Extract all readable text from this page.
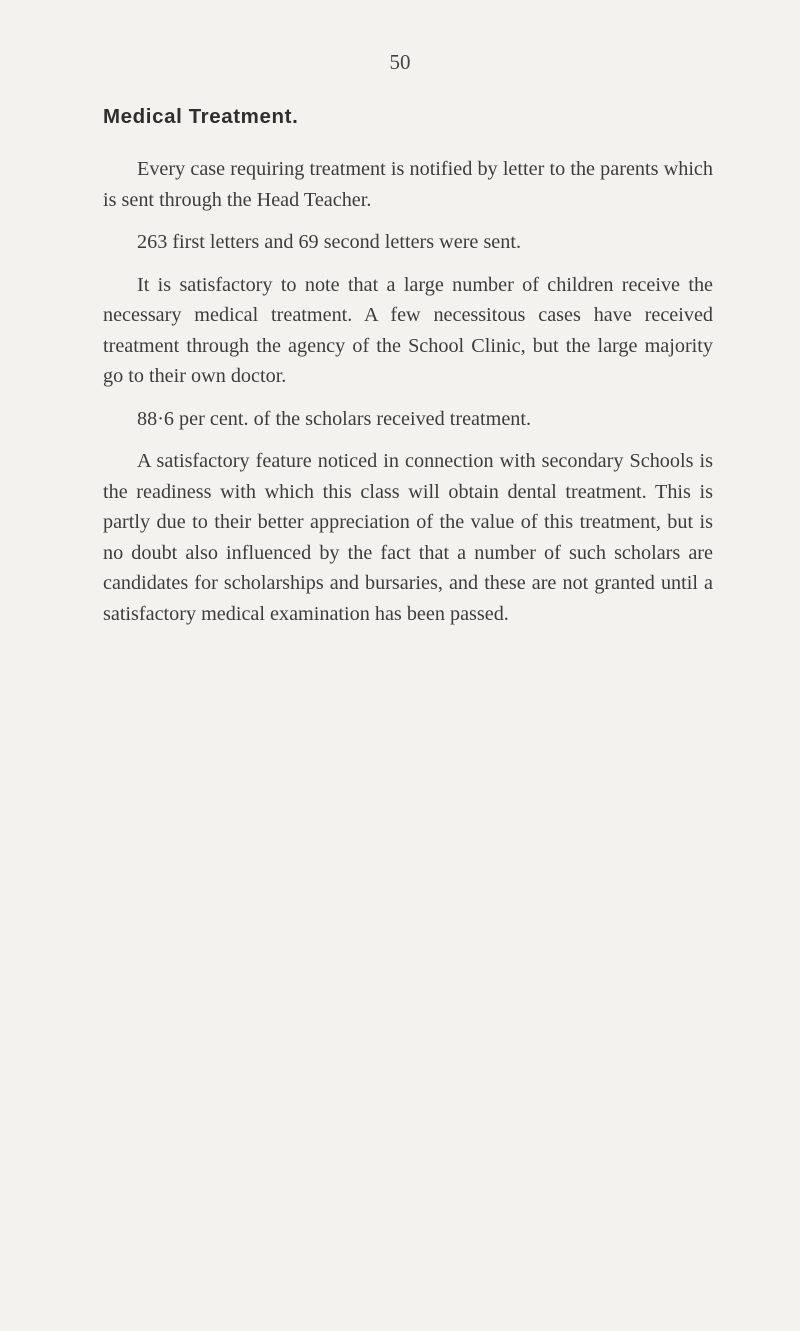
50
Medical Treatment.

Every case requiring treatment is notified by letter to the parents which is sent through the Head Teacher.

263 first letters and 69 second letters were sent.

It is satisfactory to note that a large number of children receive the necessary medical treatment. A few necessitous cases have received treatment through the agency of the School Clinic, but the large majority go to their own doctor.

88·6 per cent. of the scholars received treatment.

A satisfactory feature noticed in connection with secondary Schools is the readiness with which this class will obtain dental treatment. This is partly due to their better appreciation of the value of this treatment, but is no doubt also influenced by the fact that a number of such scholars are candidates for scholarships and bursaries, and these are not granted until a satisfactory medical examination has been passed.
